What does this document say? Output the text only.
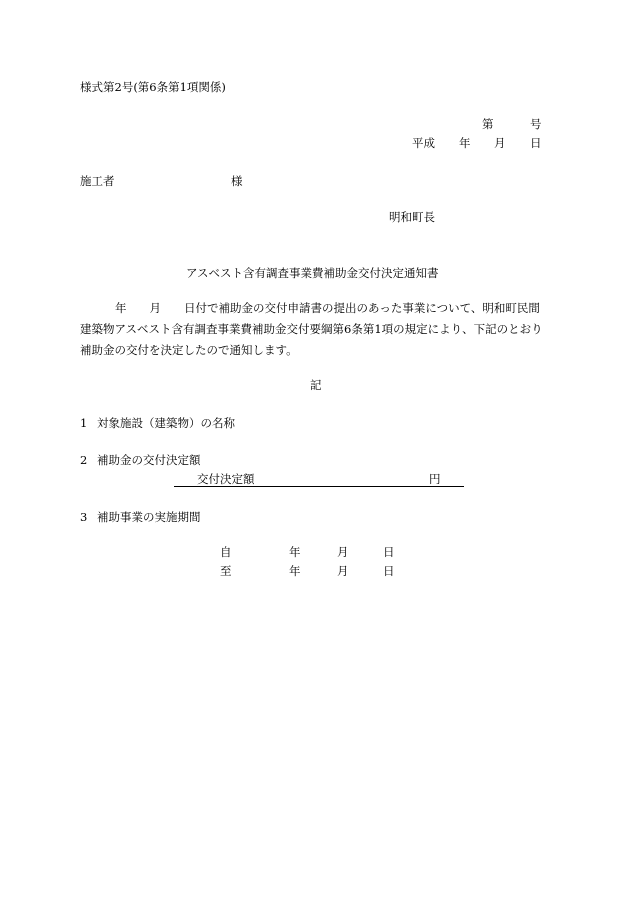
様式第2号(第6条第1項関係)
第	号
平成 年 月 日
施工者	様
明和町長
アスベスト含有調査事業費補助金交付決定通知書
年　　月　　日付で補助金の交付申請書の提出のあった事業について、明和町民間
建築物アスベスト含有調査事業費補助金交付要綱第6条第1項の規定により、下記のとおり
補助金の交付を決定したので通知します。
記
1 対象施設（建築物）の名称
2 補助金の交付決定額
交付決定額	円
3 補助事業の実施期間
自	年	月	日
至	年	月	日
